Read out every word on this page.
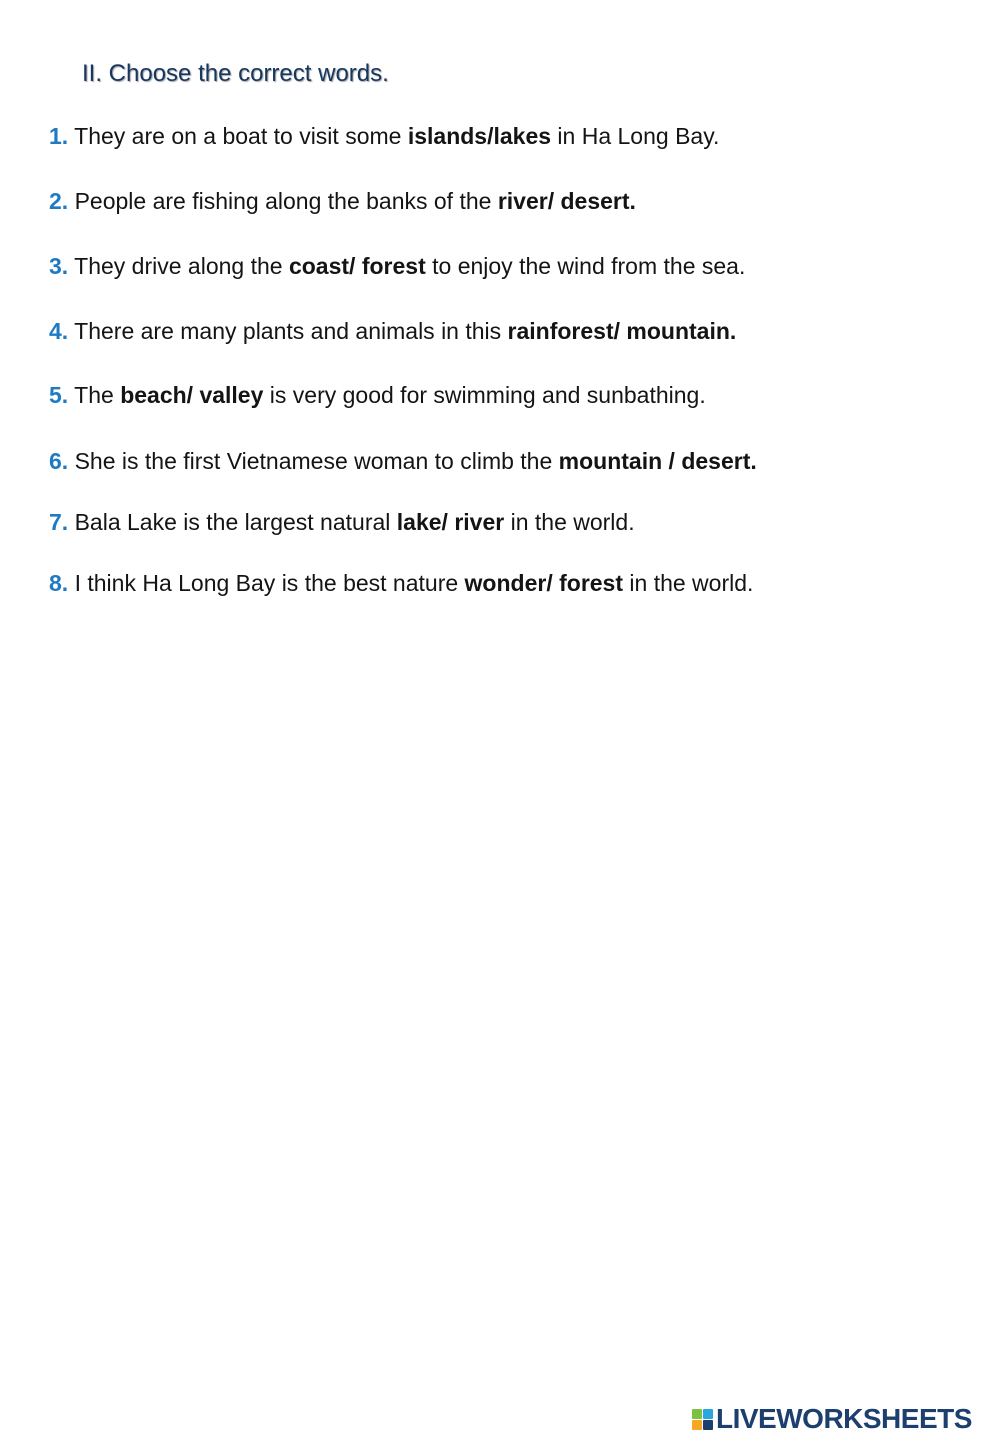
II. Choose the correct words.
1. They are on a boat to visit some islands/lakes in Ha Long Bay.
2. People are fishing along the banks of the river/ desert.
3. They drive along the coast/ forest to enjoy the wind from the sea.
4. There are many plants and animals in this rainforest/ mountain.
5. The beach/ valley is very good for swimming and sunbathing.
6. She is the first Vietnamese woman to climb the mountain / desert.
7. Bala Lake is the largest natural lake/ river in the world.
8. I think Ha Long Bay is the best nature wonder/ forest in the world.
LIVEWORKSHEETS
